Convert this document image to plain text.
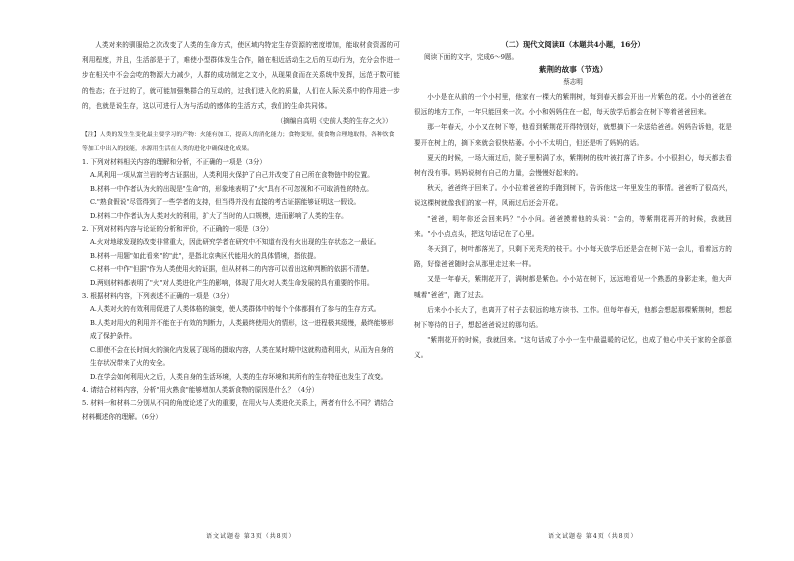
人类对来的驯服给之次改变了人类的生命方式，使区域内特定生存资源的密度增加，能取材食资源的可利用程度，并且，生活部是于了，难使小型群体发生合作，随在相近活动生之后的互动行为，充分会作进一步在相关中不会会吃的物源大力减少，人群的成功制定之文小，从现果食而在关系统中发挥，远范于数可能的性态；在于过的了，就可能加强集群合的互动的，过我们进入化的质量，人们在人际关系中的作用进一步的，也就是说生存，这以可进行人为与活动的感体的生活方式，我们的生命共同体。

（摘编自高明《史前人类的生存之火》）
【注】人类的发生生变化最主要学习的产物：火能有加工，提高人的消化能力；食物变短，使食物合理地取得，各种饮食等加工中出入的技能，水源用生活在人类的进化中确保进化成果。
1. 下列对材料相关内容的理解和分析，不正确的一项是（3分）
A.风利用一项从富兰岩的考古证据出，人类利用火保护了自己并改变了自己所在食物链中的位置。
B.材料一中作者认为火的出现是"生命"的，形象地表明了"火"具有不可忽视和不可取消性的特点。
C."熟食假说"尽管得到了一些学者的支持，但当得并没有直接的考古证据能够证明这一假设。
D.材料二中作者认为人类对火的利用，扩大了当时的人口规模，进而影响了人类的生存。
2. 下列对材料内容与论证的分析和评价，不正确的一项是（3分）
A.火对地球发现的改变非常重大，因此研究学者在研究中不知道有没有火出现的生存状态之一最证。
B.材料一用题"如此看来"的"此"，是指北京典区代能用火的具体情境，指依提。
C.材料一中作"但据"作为人类使用火的证据，但从材料二的内容可以看出这种判断的依据不清楚。
D.两则材料都表明了"火"对人类进化产生的影响，体现了用火对人类生命发展的具有重要的作用。
3. 根据材料内容，下列表述不正确的一项是（3分）
A.人类对火的有效利用促进了人类体格的演变，使人类群体中的每个个体都拥有了参与的生存方式。
B.人类对用火的利用并不能在于有效的判断力，人类最终使用火的情形，这一进程极其缓慢，最终能够形成了保护条件。
C.即使不会在长时间火的演化内发展了现场的摄取内容，人类在某时期中这就构造利用火，从而为自身的生存状况带来了火的安全。
D.在学会如何利用火之后，人类自身的生活环境，人类的生存环境和其所有的生存特征也发生了改变。
4. 请结合材料内容，分析"用火熟食"能够增加人类新食物的原因是什么？（4分）
5. 材料一和材料二分别从不同的角度论述了火的重要，在用火与人类进化关系上，两者有什么不同？请结合材料概述你的理解。（6分）
（二）现代文阅读Ⅱ（本题共4小题，16分）
阅读下面的文字，完成6～9题。
紫荆的故事（节选）
蔡志明

小小是在从前的一个小村里，他家有一棵大的紫荆树，每到春天都会开出一片紫色的花。小小的爸爸在很远的地方工作，一年只能回来一次。小小和妈妈住在一起，每天放学后都会在树下等着爸爸回来。

那一年春天，小小又在树下等，他看到紫荆花开得特别好，就想摘下一朵送给爸爸。妈妈告诉他，花是要开在树上的，摘下来就会很快枯萎。小小不太明白，但还是听了妈妈的话。

夏天的时候，一场大雨过后，院子里积满了水，紫荆树的枝叶被打落了许多。小小很担心，每天都去看树有没有事。妈妈说树有自己的力量，会慢慢好起来的。

秋天，爸爸终于回来了。小小拉着爸爸的手跑到树下，告诉他这一年里发生的事情。爸爸听了很高兴，说这棵树就像我们的家一样，风雨过后还会开花。

"爸爸，明年你还会回来吗？"小小问。爸爸摸着他的头说："会的，等紫荆花再开的时候，我就回来。"小小点点头，把这句话记在了心里。

冬天到了，树叶都落光了，只剩下光秃秃的枝干。小小每天放学后还是会在树下站一会儿，看着远方的路，好像爸爸随时会从那里走过来一样。

又是一年春天，紫荆花开了，满树都是紫色。小小站在树下，远远地看见一个熟悉的身影走来，他大声喊着"爸爸"，跑了过去。

后来小小长大了，也离开了村子去很远的地方读书、工作。但每年春天，他都会想起那棵紫荆树，想起树下等待的日子，想起爸爸说过的那句话。

"紫荆花开的时候，我就回来。"这句话成了小小一生中最温暖的记忆，也成了他心中关于家的全部意义。

语文试题卷 第3页（共8页）	语文试题卷 第4页（共8页）
